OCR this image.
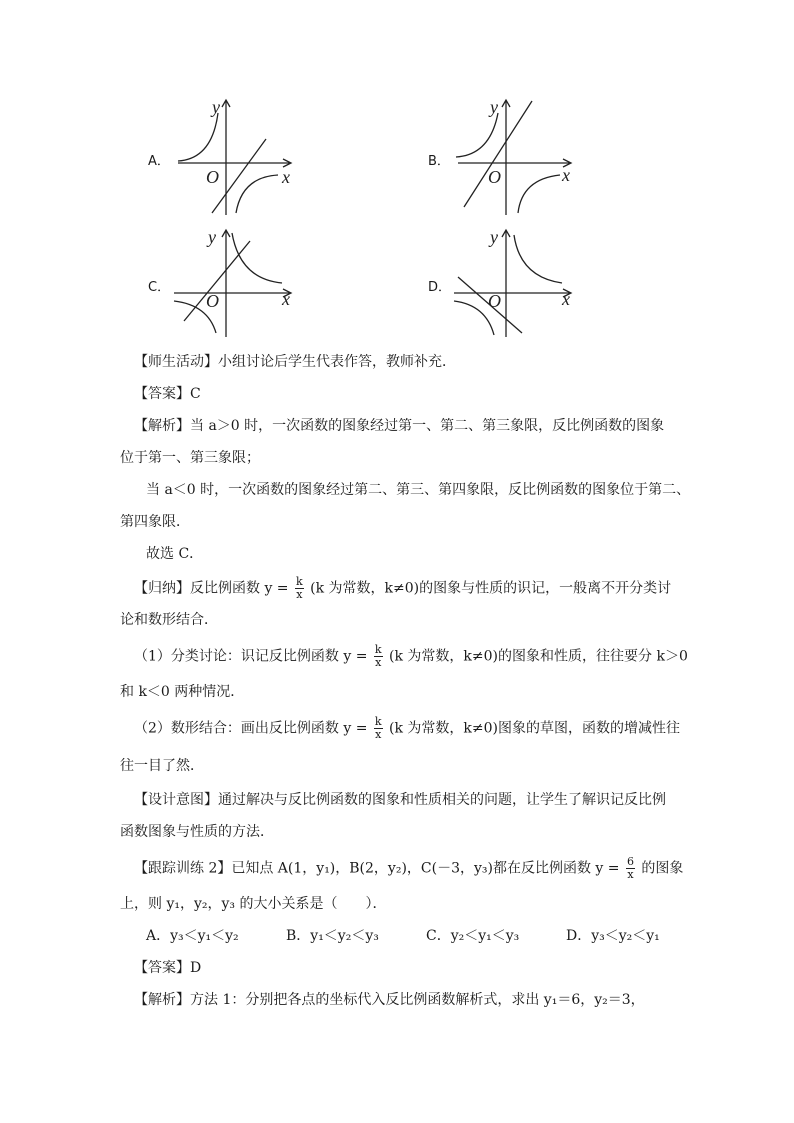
A．	B．
C．	D．
y
x
O
y
x
O
y
x
O
y
x
O
【师生活动】小组讨论后学生代表作答，教师补充．
【答案】C
【解析】当 a＞0 时，一次函数的图象经过第一、第二、第三象限，反比例函数的图象
位于第一、第三象限；
当 a＜0 时，一次函数的图象经过第二、第三、第四象限，反比例函数的图象位于第二、
第四象限．
故选 C．
【归纳】反比例函数 $y = \frac{k}{x} (k$ 为常数，k≠0)的图象与性质的识记，一般离不开分类讨
论和数形结合．
（1）分类讨论：识记反比例函数 $y = \frac{k}{x} (k$ 为常数，k≠0)的图象和性质，往往要分 k＞0
和 k＜0 两种情况．
（2）数形结合：画出反比例函数 $y = \frac{k}{x} (k$ 为常数，k≠0)图象的草图，函数的增减性往
往一目了然．
【设计意图】通过解决与反比例函数的图象和性质相关的问题，让学生了解识记反比例
函数图象与性质的方法．
【跟踪训练 2】已知点 A(1，y₁)，B(2，y₂)，C(－3，y₃)都在反比例函数 $y = \frac{6}{x}$ 的图象
上，则 y₁，y₂，y₃ 的大小关系是（　　）．
A．y₃＜y₁＜y₂	B．y₁＜y₂＜y₃	C．y₂＜y₁＜y₃	D．y₃＜y₂＜y₁
【答案】D
【解析】方法 1：分别把各点的坐标代入反比例函数解析式，求出 y₁＝6，y₂＝3，
